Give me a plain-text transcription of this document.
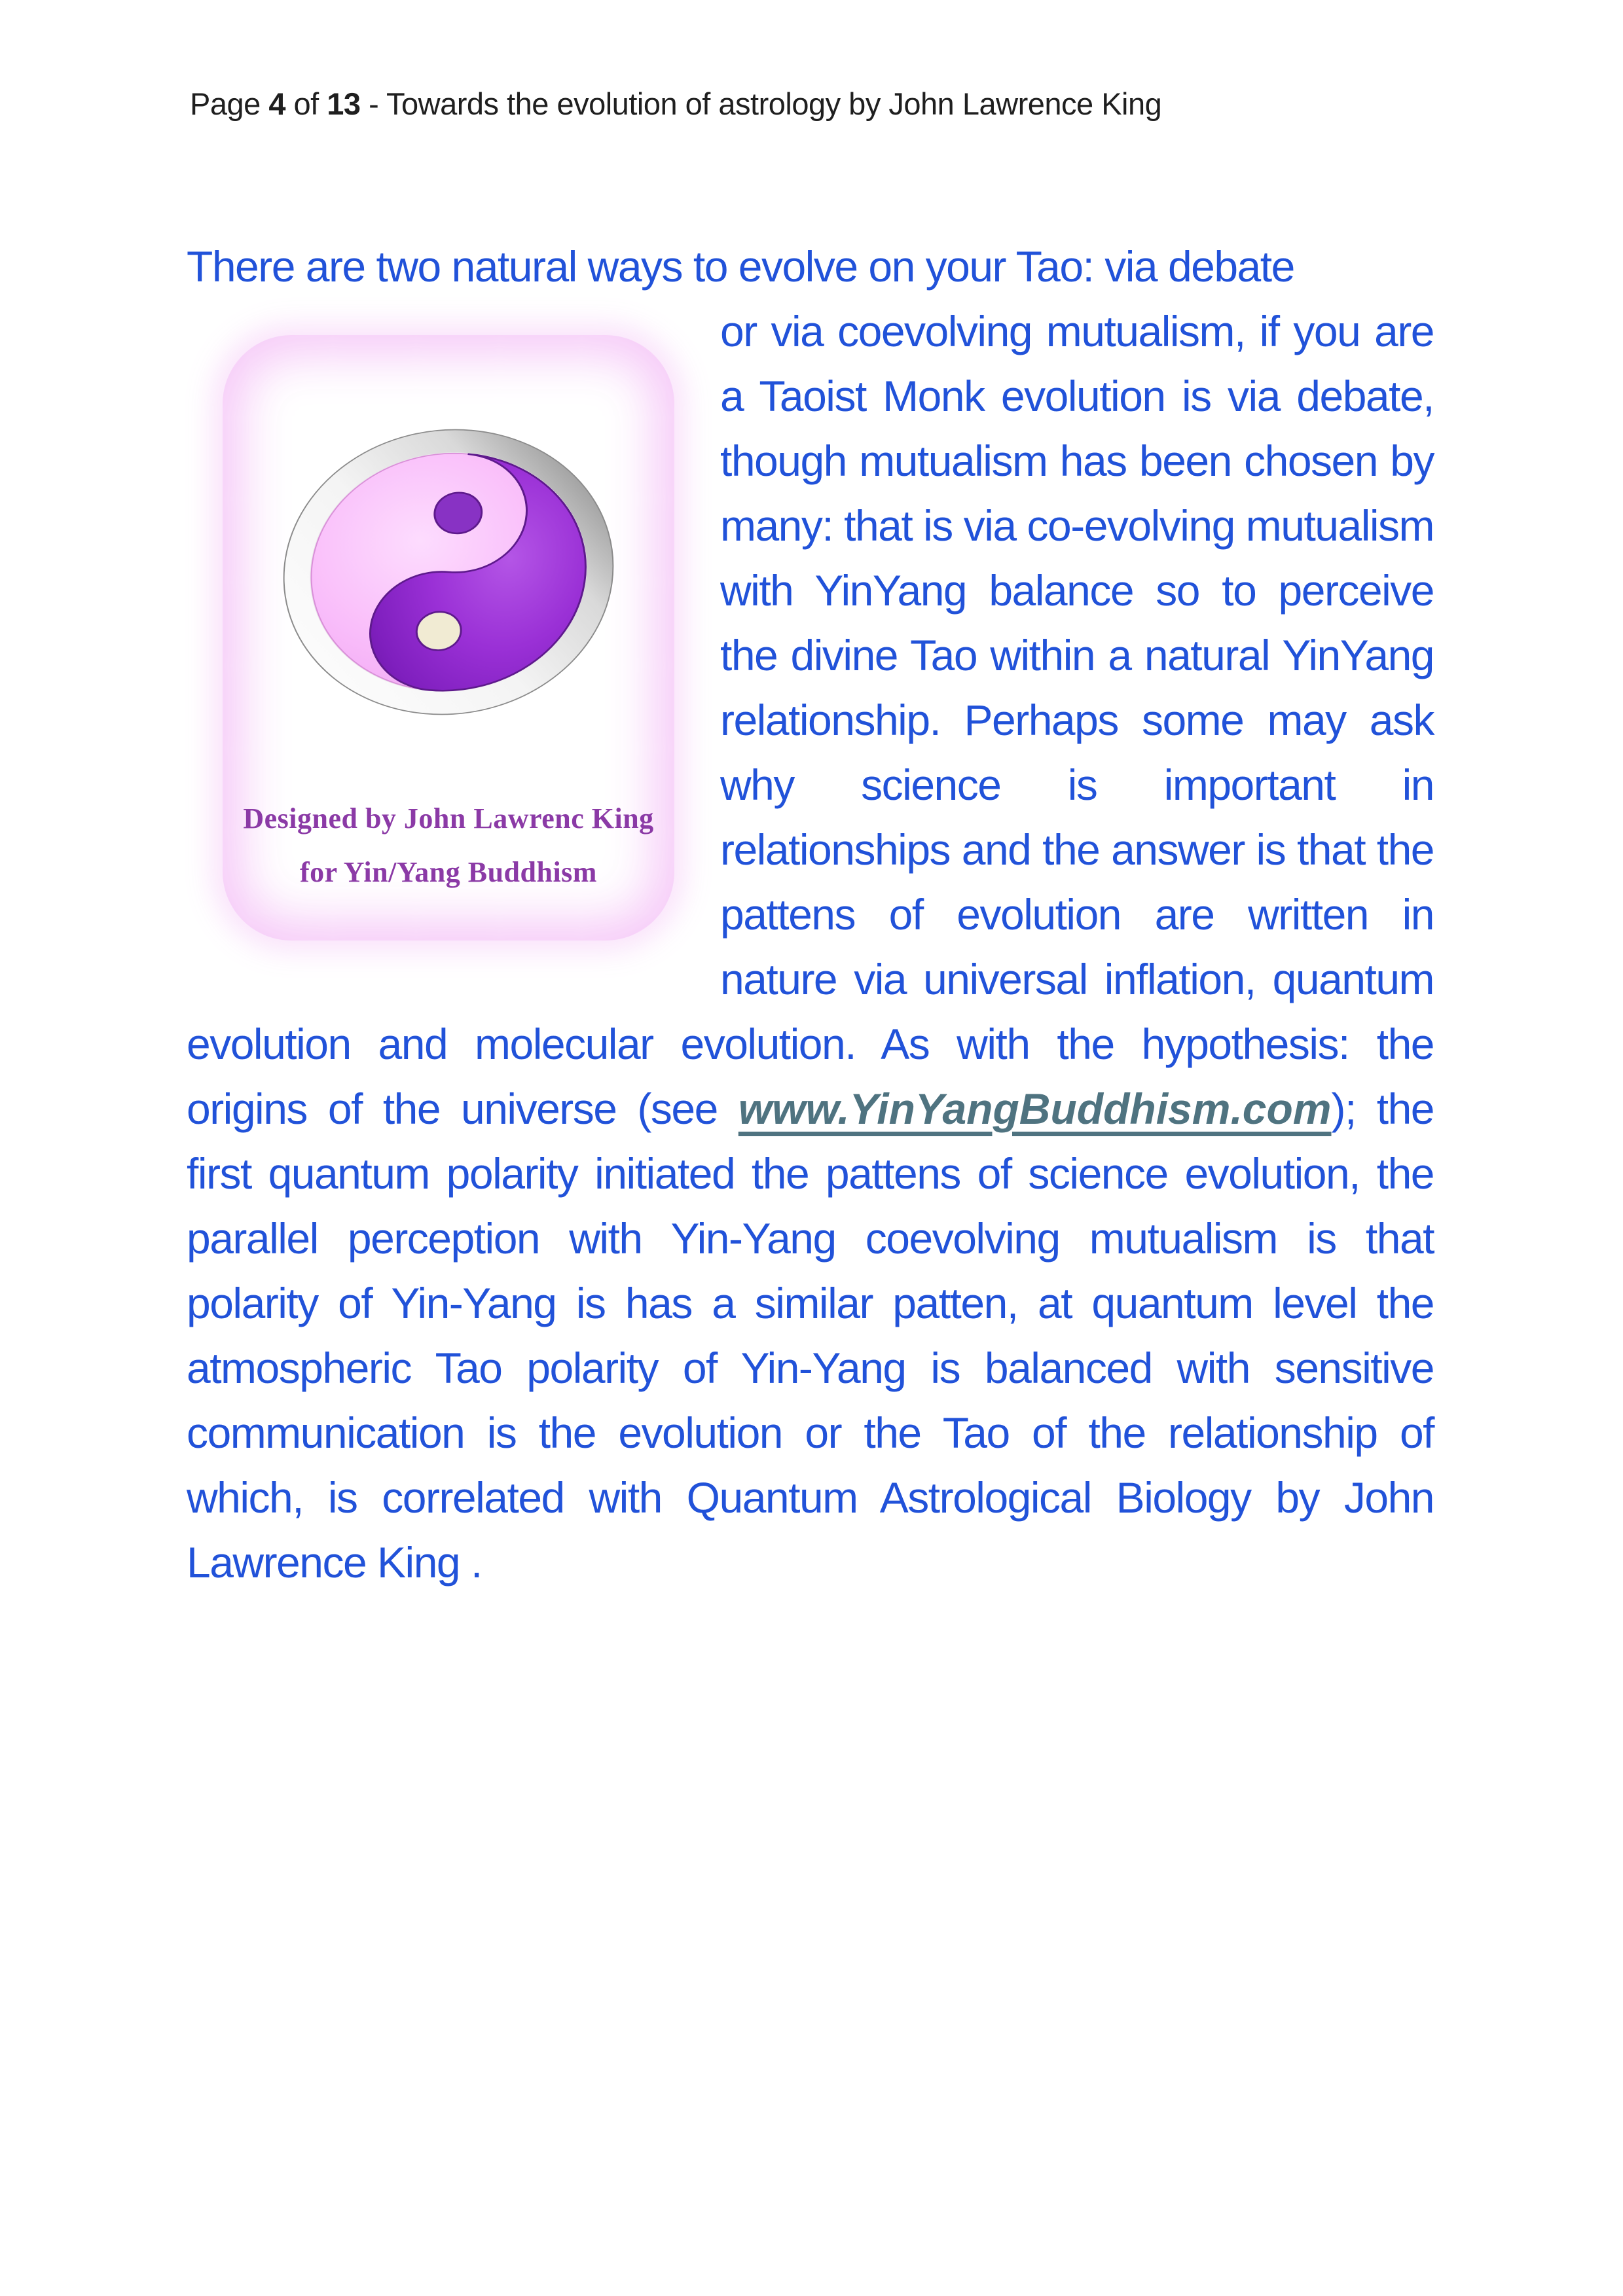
Page 4 of 13 - Towards the evolution of astrology by John Lawrence King

There are two natural ways to evolve on your Tao: via debate

Designed by John Lawrenc King
for Yin/Yang Buddhism

or via coevolving mutualism, if you are a Taoist Monk evolution is via debate, though mutualism has been chosen by many: that is via co-evolving mutualism with YinYang balance so to perceive the divine Tao within a natural YinYang relationship. Perhaps some may ask why science is important in relationships and the answer is that the pattens of evolution are written in nature via universal inflation, quantum evolution and molecular evolution. As with the hypothesis: the origins of the universe (see www.YinYangBuddhism.com); the first quantum polarity initiated the pattens of science evolution, the parallel perception with Yin-Yang coevolving mutualism is that polarity of Yin-Yang is has a similar patten, at quantum level the atmospheric Tao polarity of Yin-Yang is balanced with sensitive communication is the evolution or the Tao of the relationship of which, is correlated with Quantum Astrological Biology by John Lawrence King .
